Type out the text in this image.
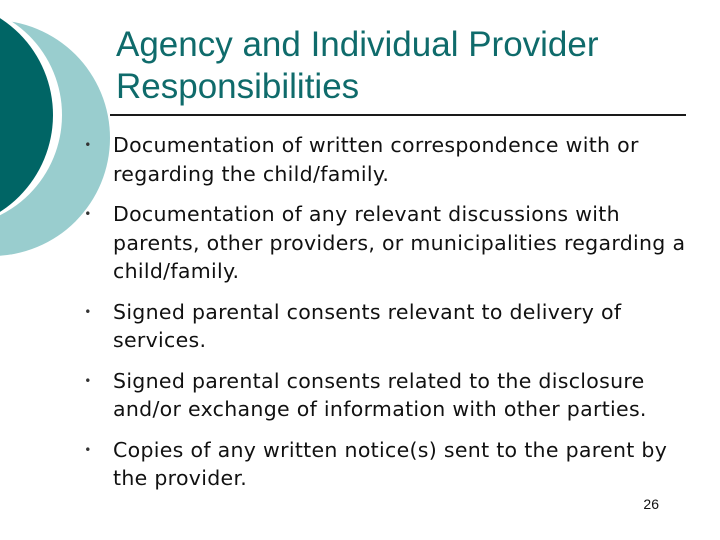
Agency and Individual Provider
Responsibilities
• Documentation of written correspondence with or regarding the child/family.
• Documentation of any relevant discussions with parents, other providers, or municipalities regarding a child/family.
• Signed parental consents relevant to delivery of services.
• Signed parental consents related to the disclosure and/or exchange of information with other parties.
• Copies of any written notice(s) sent to the parent by the provider.
26
